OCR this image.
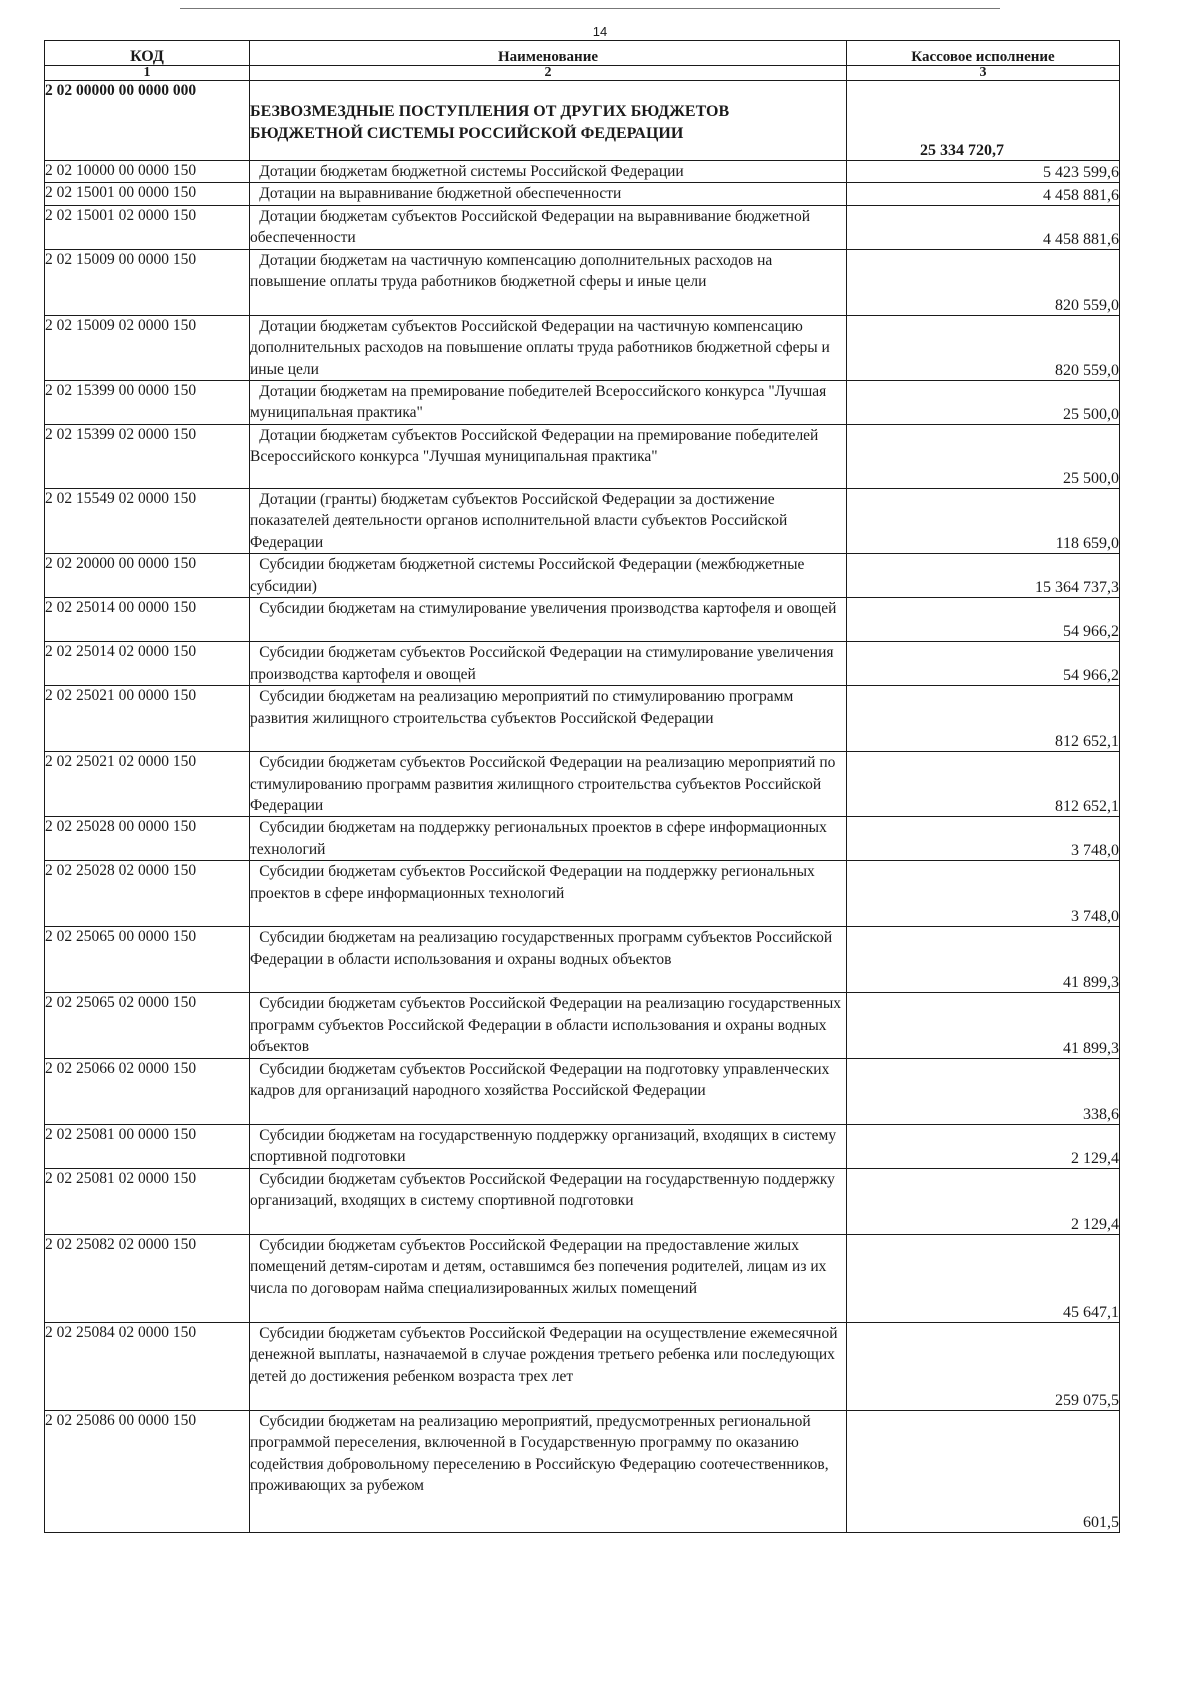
14
КОД	Наименование	Кассовое исполнение
1	2	3
2 02 00000 00 0000 000	БЕЗВОЗМЕЗДНЫЕ ПОСТУПЛЕНИЯ ОТ ДРУГИХ БЮДЖЕТОВ БЮДЖЕТНОЙ СИСТЕМЫ РОССИЙСКОЙ ФЕДЕРАЦИИ	25 334 720,7
2 02 10000 00 0000 150	Дотации бюджетам бюджетной системы Российской Федерации	5 423 599,6
2 02 15001 00 0000 150	Дотации на выравнивание бюджетной обеспеченности	4 458 881,6
2 02 15001 02 0000 150	Дотации бюджетам субъектов Российской Федерации на выравнивание бюджетной обеспеченности	4 458 881,6
2 02 15009 00 0000 150	Дотации бюджетам на частичную компенсацию дополнительных расходов на повышение оплаты труда работников бюджетной сферы и иные цели	820 559,0
2 02 15009 02 0000 150	Дотации бюджетам субъектов Российской Федерации на частичную компенсацию дополнительных расходов на повышение оплаты труда работников бюджетной сферы и иные цели	820 559,0
2 02 15399 00 0000 150	Дотации бюджетам на премирование победителей Всероссийского конкурса "Лучшая муниципальная практика"	25 500,0
2 02 15399 02 0000 150	Дотации бюджетам субъектов Российской Федерации на премирование победителей Всероссийского конкурса "Лучшая муниципальная практика"	25 500,0
2 02 15549 02 0000 150	Дотации (гранты) бюджетам субъектов Российской Федерации за достижение показателей деятельности органов исполнительной власти субъектов Российской Федерации	118 659,0
2 02 20000 00 0000 150	Субсидии бюджетам бюджетной системы Российской Федерации (межбюджетные субсидии)	15 364 737,3
2 02 25014 00 0000 150	Субсидии бюджетам на стимулирование увеличения производства картофеля и овощей	54 966,2
2 02 25014 02 0000 150	Субсидии бюджетам субъектов Российской Федерации на стимулирование увеличения производства картофеля и овощей	54 966,2
2 02 25021 00 0000 150	Субсидии бюджетам на реализацию мероприятий по стимулированию программ развития жилищного строительства субъектов Российской Федерации	812 652,1
2 02 25021 02 0000 150	Субсидии бюджетам субъектов Российской Федерации на реализацию мероприятий по стимулированию программ развития жилищного строительства субъектов Российской Федерации	812 652,1
2 02 25028 00 0000 150	Субсидии бюджетам на поддержку региональных проектов в сфере информационных технологий	3 748,0
2 02 25028 02 0000 150	Субсидии бюджетам субъектов Российской Федерации на поддержку региональных проектов в сфере информационных технологий	3 748,0
2 02 25065 00 0000 150	Субсидии бюджетам на реализацию государственных программ субъектов Российской Федерации в области использования и охраны водных объектов	41 899,3
2 02 25065 02 0000 150	Субсидии бюджетам субъектов Российской Федерации на реализацию государственных программ субъектов Российской Федерации в области использования и охраны водных объектов	41 899,3
2 02 25066 02 0000 150	Субсидии бюджетам субъектов Российской Федерации на подготовку управленческих кадров для организаций народного хозяйства Российской Федерации	338,6
2 02 25081 00 0000 150	Субсидии бюджетам на государственную поддержку организаций, входящих в систему спортивной подготовки	2 129,4
2 02 25081 02 0000 150	Субсидии бюджетам субъектов Российской Федерации на государственную поддержку организаций, входящих в систему спортивной подготовки	2 129,4
2 02 25082 02 0000 150	Субсидии бюджетам субъектов Российской Федерации на предоставление жилых помещений детям-сиротам и детям, оставшимся без попечения родителей, лицам из их числа по договорам найма специализированных жилых помещений	45 647,1
2 02 25084 02 0000 150	Субсидии бюджетам субъектов Российской Федерации на осуществление ежемесячной денежной выплаты, назначаемой в случае рождения третьего ребенка или последующих детей до достижения ребенком возраста трех лет	259 075,5
2 02 25086 00 0000 150	Субсидии бюджетам на реализацию мероприятий, предусмотренных региональной программой переселения, включенной в Государственную программу по оказанию содействия добровольному переселению в Российскую Федерацию соотечественников, проживающих за рубежом	601,5
